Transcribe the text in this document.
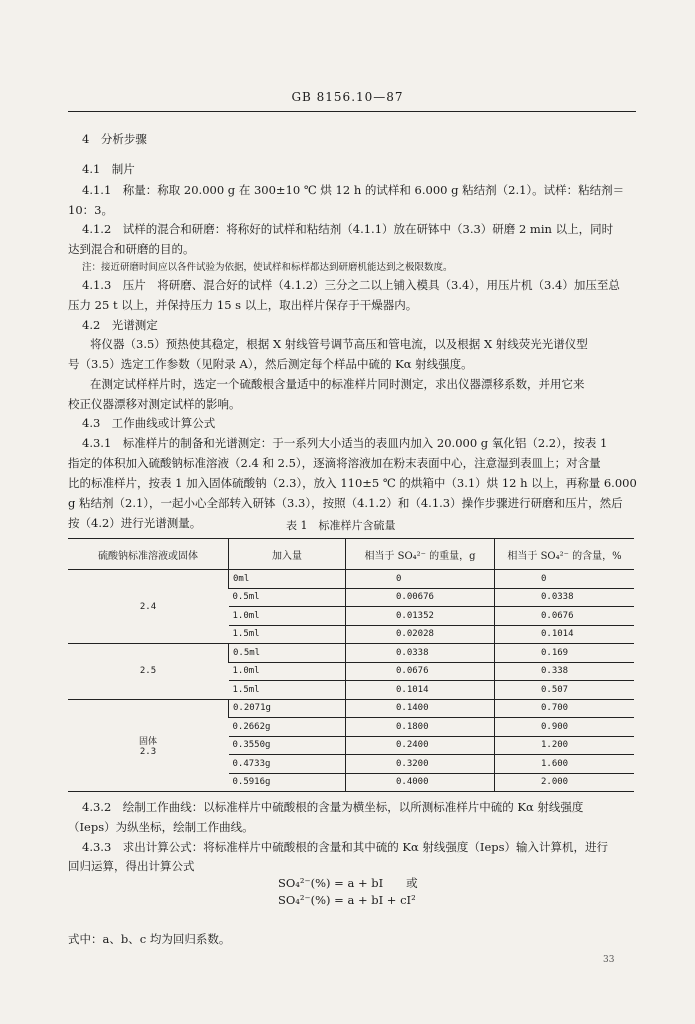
GB 8156.10—87
4　分析步骤
4.1　制片
4.1.1　称量：称取 20.000 g 在 300±10 ℃ 烘 12 h 的试样和 6.000 g 粘结剂（2.1）。试样：粘结剂＝
10：3。
4.1.2　试样的混合和研磨：将称好的试样和粘结剂（4.1.1）放在研钵中（3.3）研磨 2 min 以上，同时
达到混合和研磨的目的。
注：接近研磨时间应以各件试验为依据，使试样和标样都达到研磨机能达到之极限数度。
4.1.3　压片　将研磨、混合好的试样（4.1.2）三分之二以上铺入模具（3.4），用压片机（3.4）加压至总
压力 25 t 以上，并保持压力 15 s 以上，取出样片保存于干燥器内。
4.2　光谱测定
将仪器（3.5）预热使其稳定，根据 X 射线管号调节高压和管电流，以及根据 X 射线荧光光谱仪型
号（3.5）选定工作参数（见附录 A），然后测定每个样品中硫的 Kα 射线强度。
在测定试样样片时，选定一个硫酸根含量适中的标准样片同时测定，求出仪器漂移系数，并用它来
校正仪器漂移对测定试样的影响。
4.3　工作曲线或计算公式
4.3.1　标准样片的制备和光谱测定：于一系列大小适当的表皿内加入 20.000 g 氧化铝（2.2），按表 1
指定的体积加入硫酸钠标准溶液（2.4 和 2.5），逐滴将溶液加在粉末表面中心，注意湿到表皿上；对含量
比的标准样片，按表 1 加入固体硫酸钠（2.3），放入 110±5 ℃ 的烘箱中（3.1）烘 12 h 以上，再称量 6.000
g 粘结剂（2.1），一起小心全部转入研钵（3.3），按照（4.1.2）和（4.1.3）操作步骤进行研磨和压片，然后
按（4.2）进行光谱测量。	表 1　标准样片含硫量
硫酸钠标准溶液或固体	加入量	相当于 SO₄²⁻ 的重量，g	相当于 SO₄²⁻ 的含量，%
2.4	0ml	0	0
	0.5ml	0.00676	0.0338
	1.0ml	0.01352	0.0676
	1.5ml	0.02028	0.1014
2.5	0.5ml	0.0338	0.169
	1.0ml	0.0676	0.338
	1.5ml	0.1014	0.507

固体
2.3	0.2071g	0.1400	0.700
	0.2662g	0.1800	0.900
	0.3550g	0.2400	1.200
	0.4733g	0.3200	1.600
	0.5916g	0.4000	2.000
4.3.2　绘制工作曲线：以标准样片中硫酸根的含量为横坐标，以所测标准样片中硫的 Kα 射线强度
（Ieps）为纵坐标，绘制工作曲线。
4.3.3　求出计算公式：将标准样片中硫酸根的含量和其中硫的 Kα 射线强度（Ieps）输入计算机，进行
回归运算，得出计算公式
SO₄²⁻(%) = a + bI　　或
SO₄²⁻(%) = a + bI + cI²
式中：a、b、c 均为回归系数。
33
